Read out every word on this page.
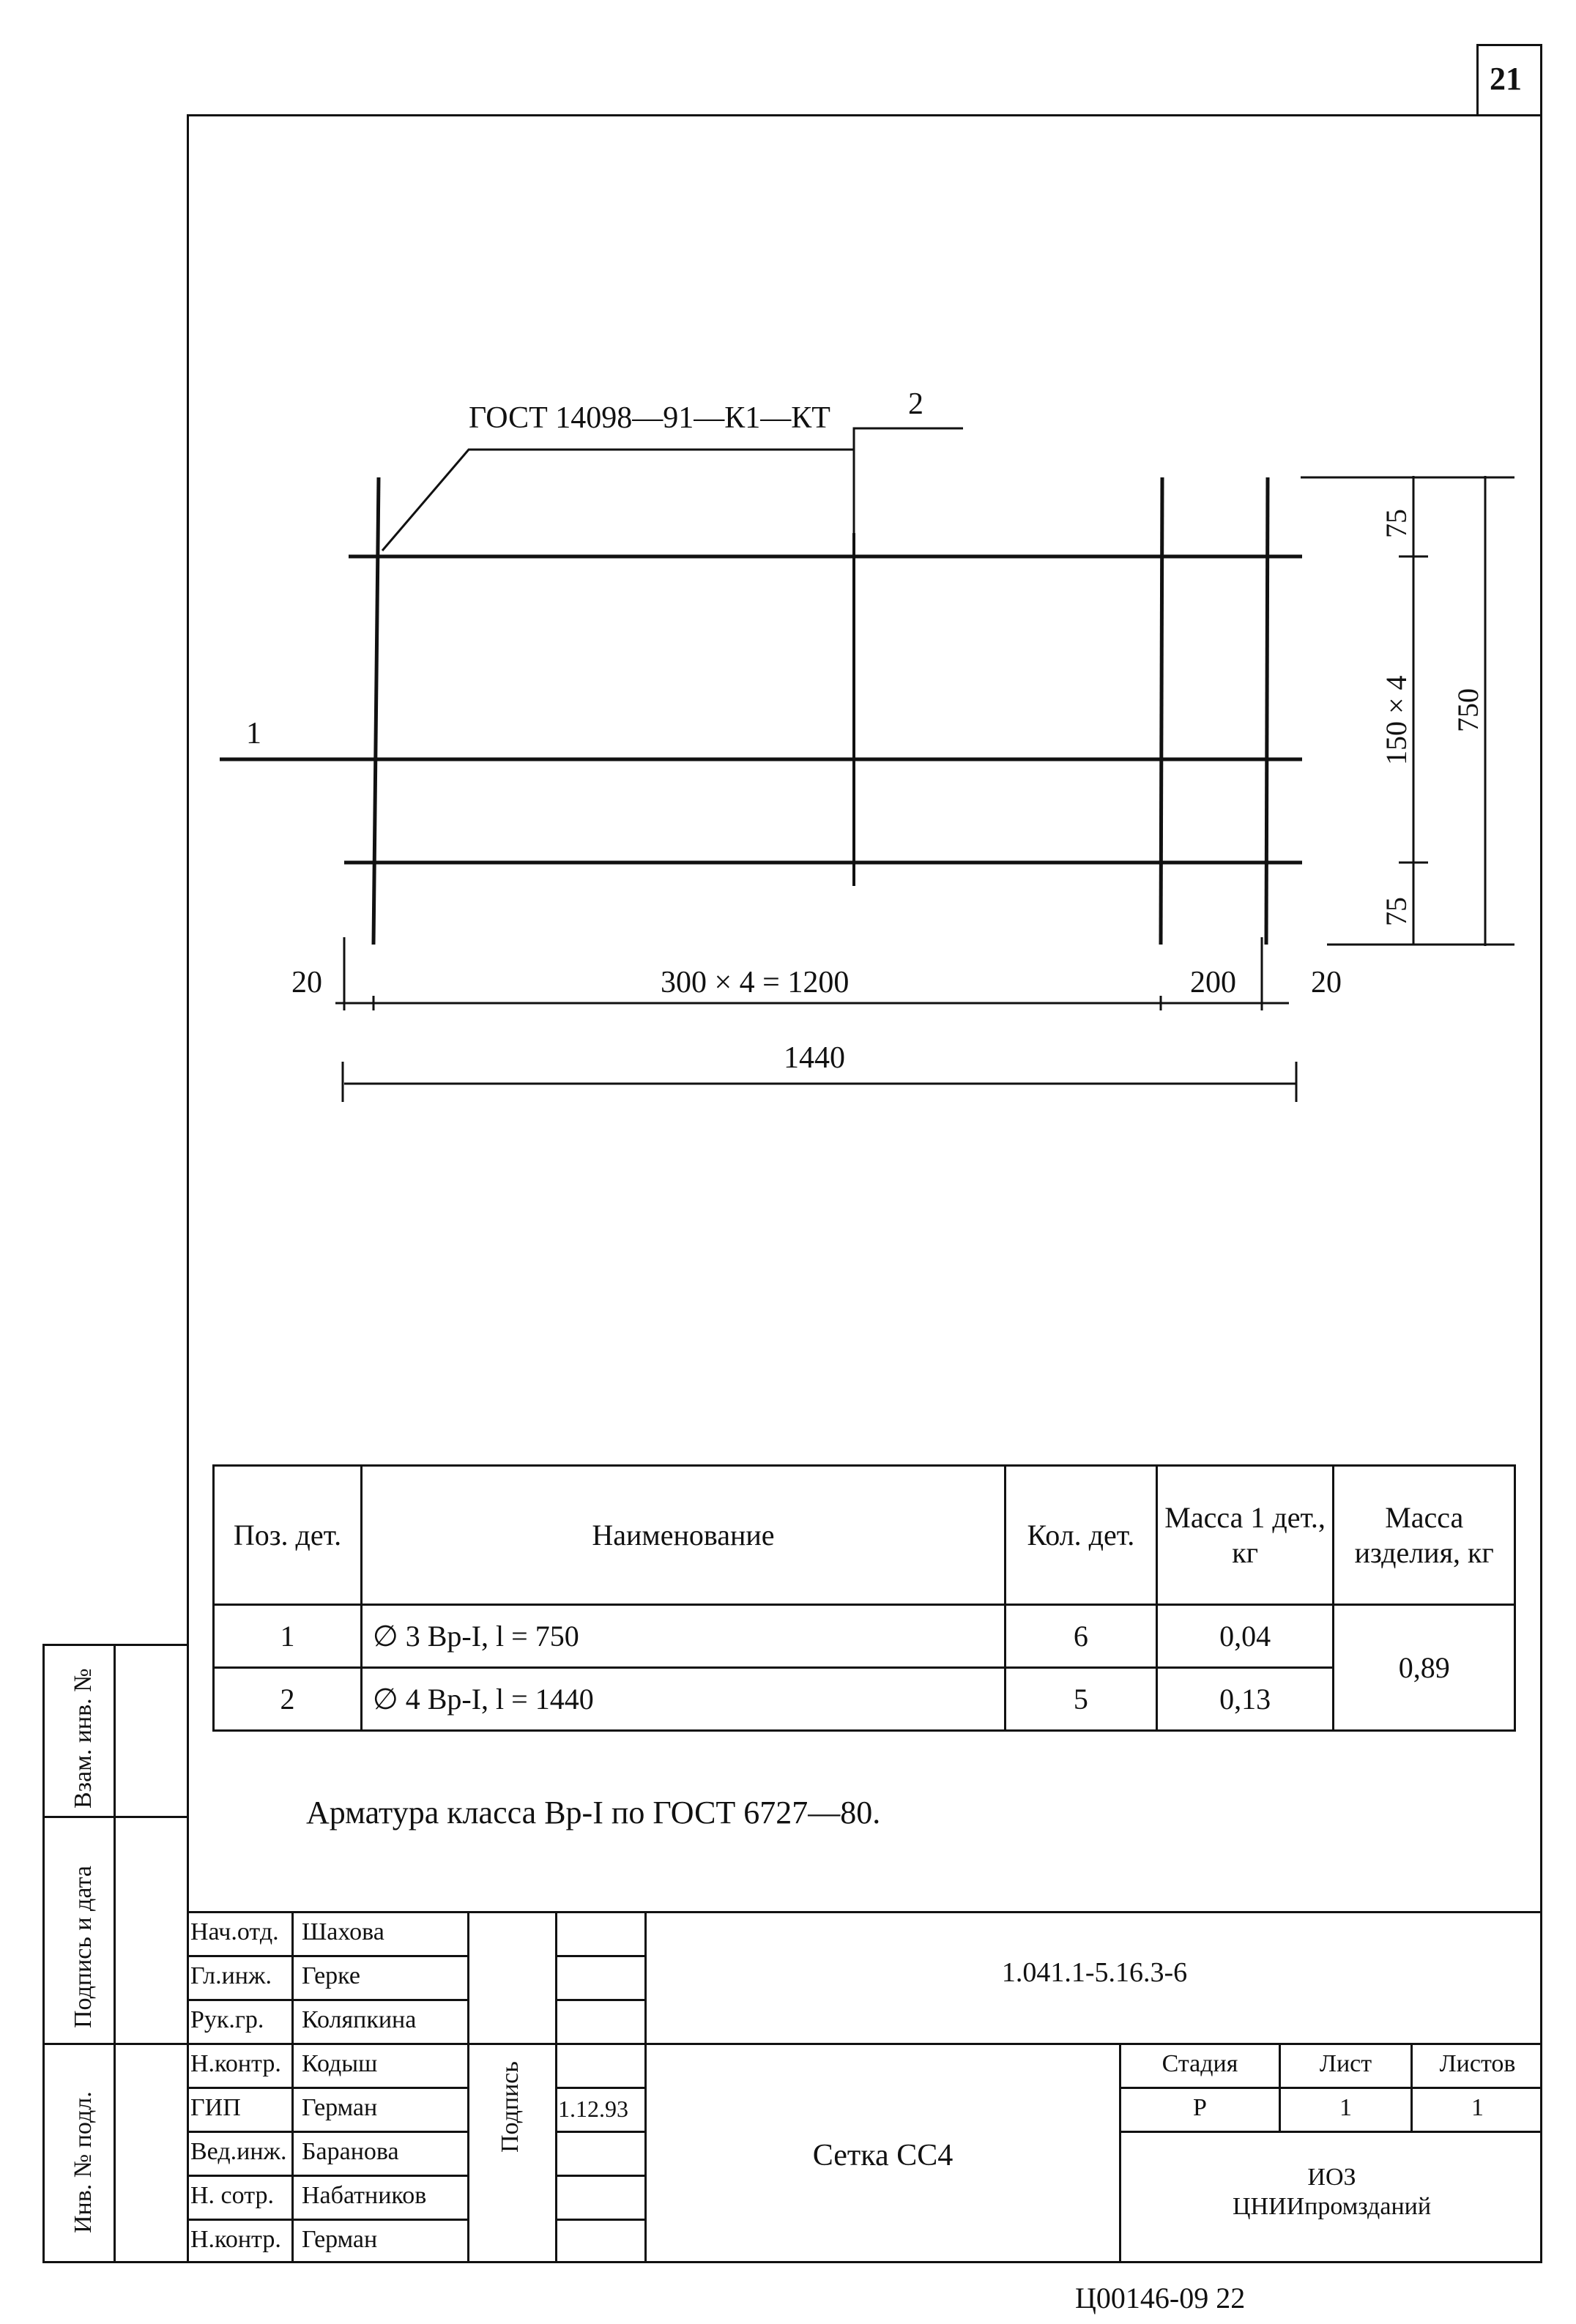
21
ГОСТ 14098—91—К1—КТ	2
1
75
150 × 4 750
75
20	300 × 4 = 1200	200 20
1440
Поз. дет.	Наименование	Кол. дет.	Масса 1 дет., кг	Масса изделия, кг
1	∅ 3 Вр-I, l = 750	6	0,04	0,89
2	∅ 4 Вр-I, l = 1440	5	0,13	
Арматура класса Вр-I по ГОСТ 6727—80.
Взам. инв. №
Подпись и дата
Инв. № подл.
Нач.отд. Шахова
Гл.инж. Герке
Рук.гр. Коляпкина
Н.контр. Кодыш
ГИП Герман
Вед.инж. Баранова
Н. сотр. Набатников
Н.контр. Герман
Подпись 1.12.93
1.041.1-5.16.3-6
Сетка СС4
Стадия	Лист	Листов
Р	1	1
ИОЗ
ЦНИИпромзданий
Ц00146-09 22
